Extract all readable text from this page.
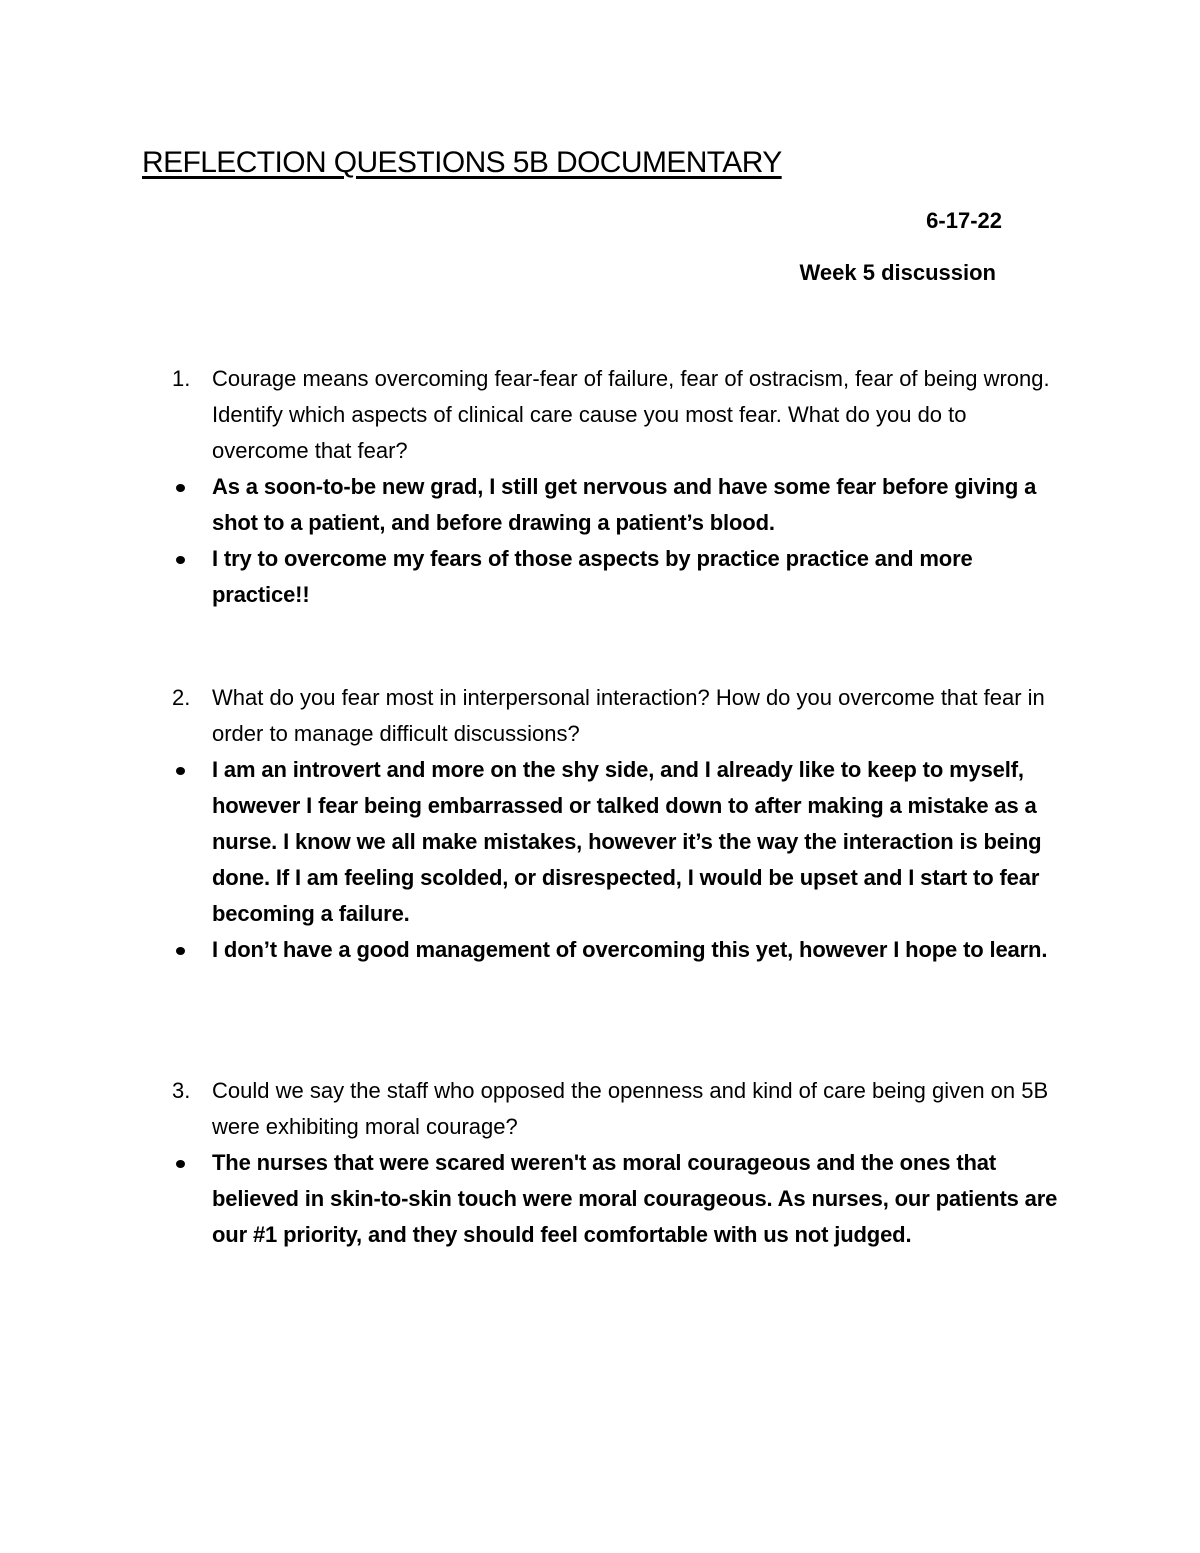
REFLECTION QUESTIONS 5B DOCUMENTARY
6-17-22
Week 5 discussion
1. Courage means overcoming fear-fear of failure, fear of ostracism, fear of being wrong. Identify which aspects of clinical care cause you most fear. What do you do to overcome that fear?
As a soon-to-be new grad, I still get nervous and have some fear before giving a shot to a patient, and before drawing a patient’s blood.
I try to overcome my fears of those aspects by practice practice and more practice!!
2. What do you fear most in interpersonal interaction? How do you overcome that fear in order to manage difficult discussions?
I am an introvert and more on the shy side, and I already like to keep to myself, however I fear being embarrassed or talked down to after making a mistake as a nurse. I know we all make mistakes, however it’s the way the interaction is being done. If I am feeling scolded, or disrespected, I would be upset and I start to fear becoming a failure.
I don’t have a good management of overcoming this yet, however I hope to learn.
3. Could we say the staff who opposed the openness and kind of care being given on 5B were exhibiting moral courage?
The nurses that were scared weren't as moral courageous and the ones that believed in skin-to-skin touch were moral courageous. As nurses, our patients are our #1 priority, and they should feel comfortable with us not judged.
